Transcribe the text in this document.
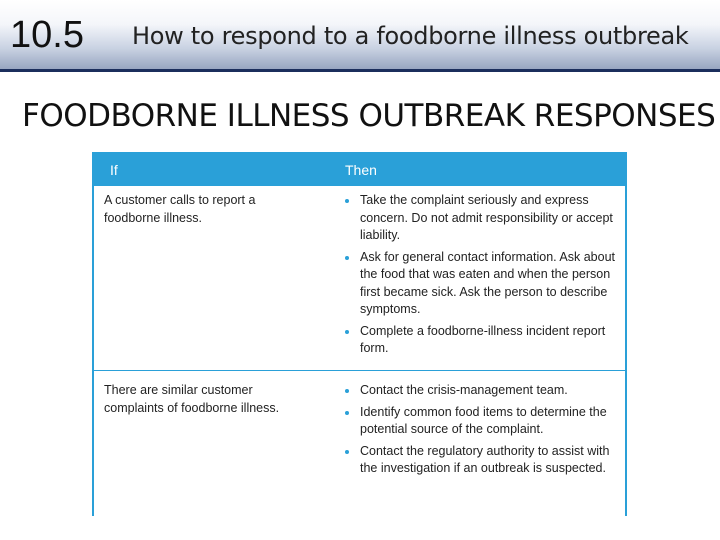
10.5 How to respond to a foodborne illness outbreak
FOODBORNE ILLNESS OUTBREAK RESPONSES
If	Then
A customer calls to report a foodborne illness.
Take the complaint seriously and express concern. Do not admit responsibility or accept liability.
Ask for general contact information. Ask about the food that was eaten and when the person first became sick. Ask the person to describe symptoms.
Complete a foodborne-illness incident report form.
There are similar customer complaints of foodborne illness.
Contact the crisis-management team.
Identify common food items to determine the potential source of the complaint.
Contact the regulatory authority to assist with the investigation if an outbreak is suspected.
